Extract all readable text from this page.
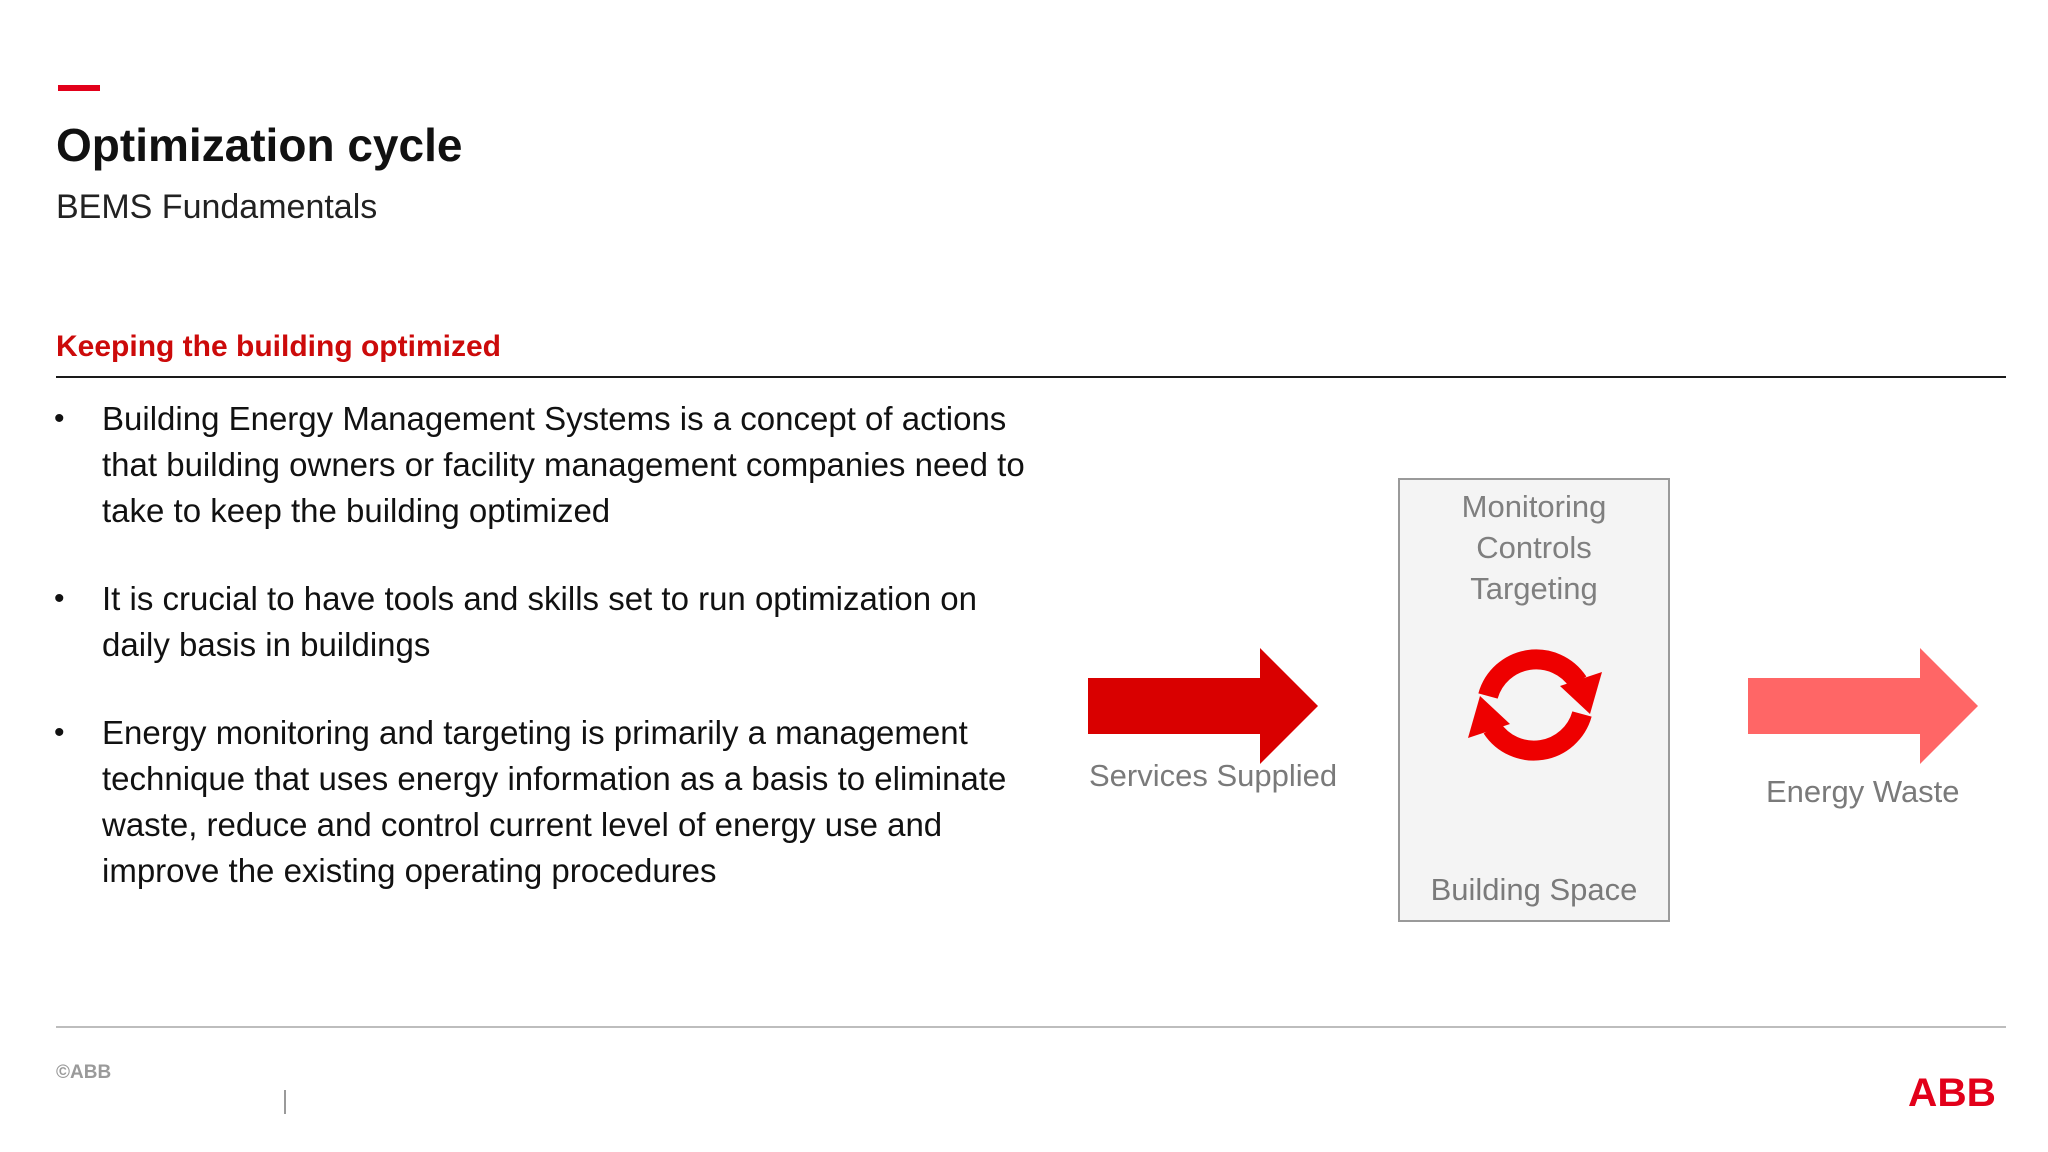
Optimization cycle
BEMS Fundamentals
Keeping the building optimized
• Building Energy Management Systems is a concept of actions that building owners or facility management companies need to take to keep the building optimized
• It is crucial to have tools and skills set to run optimization on daily basis in buildings
• Energy monitoring and targeting is primarily a management technique that uses energy information as a basis to eliminate waste, reduce and control current level of energy use and improve the existing operating procedures
Services Supplied
Monitoring
Controls
Targeting
Building Space
Energy Waste
©ABB	ABB
